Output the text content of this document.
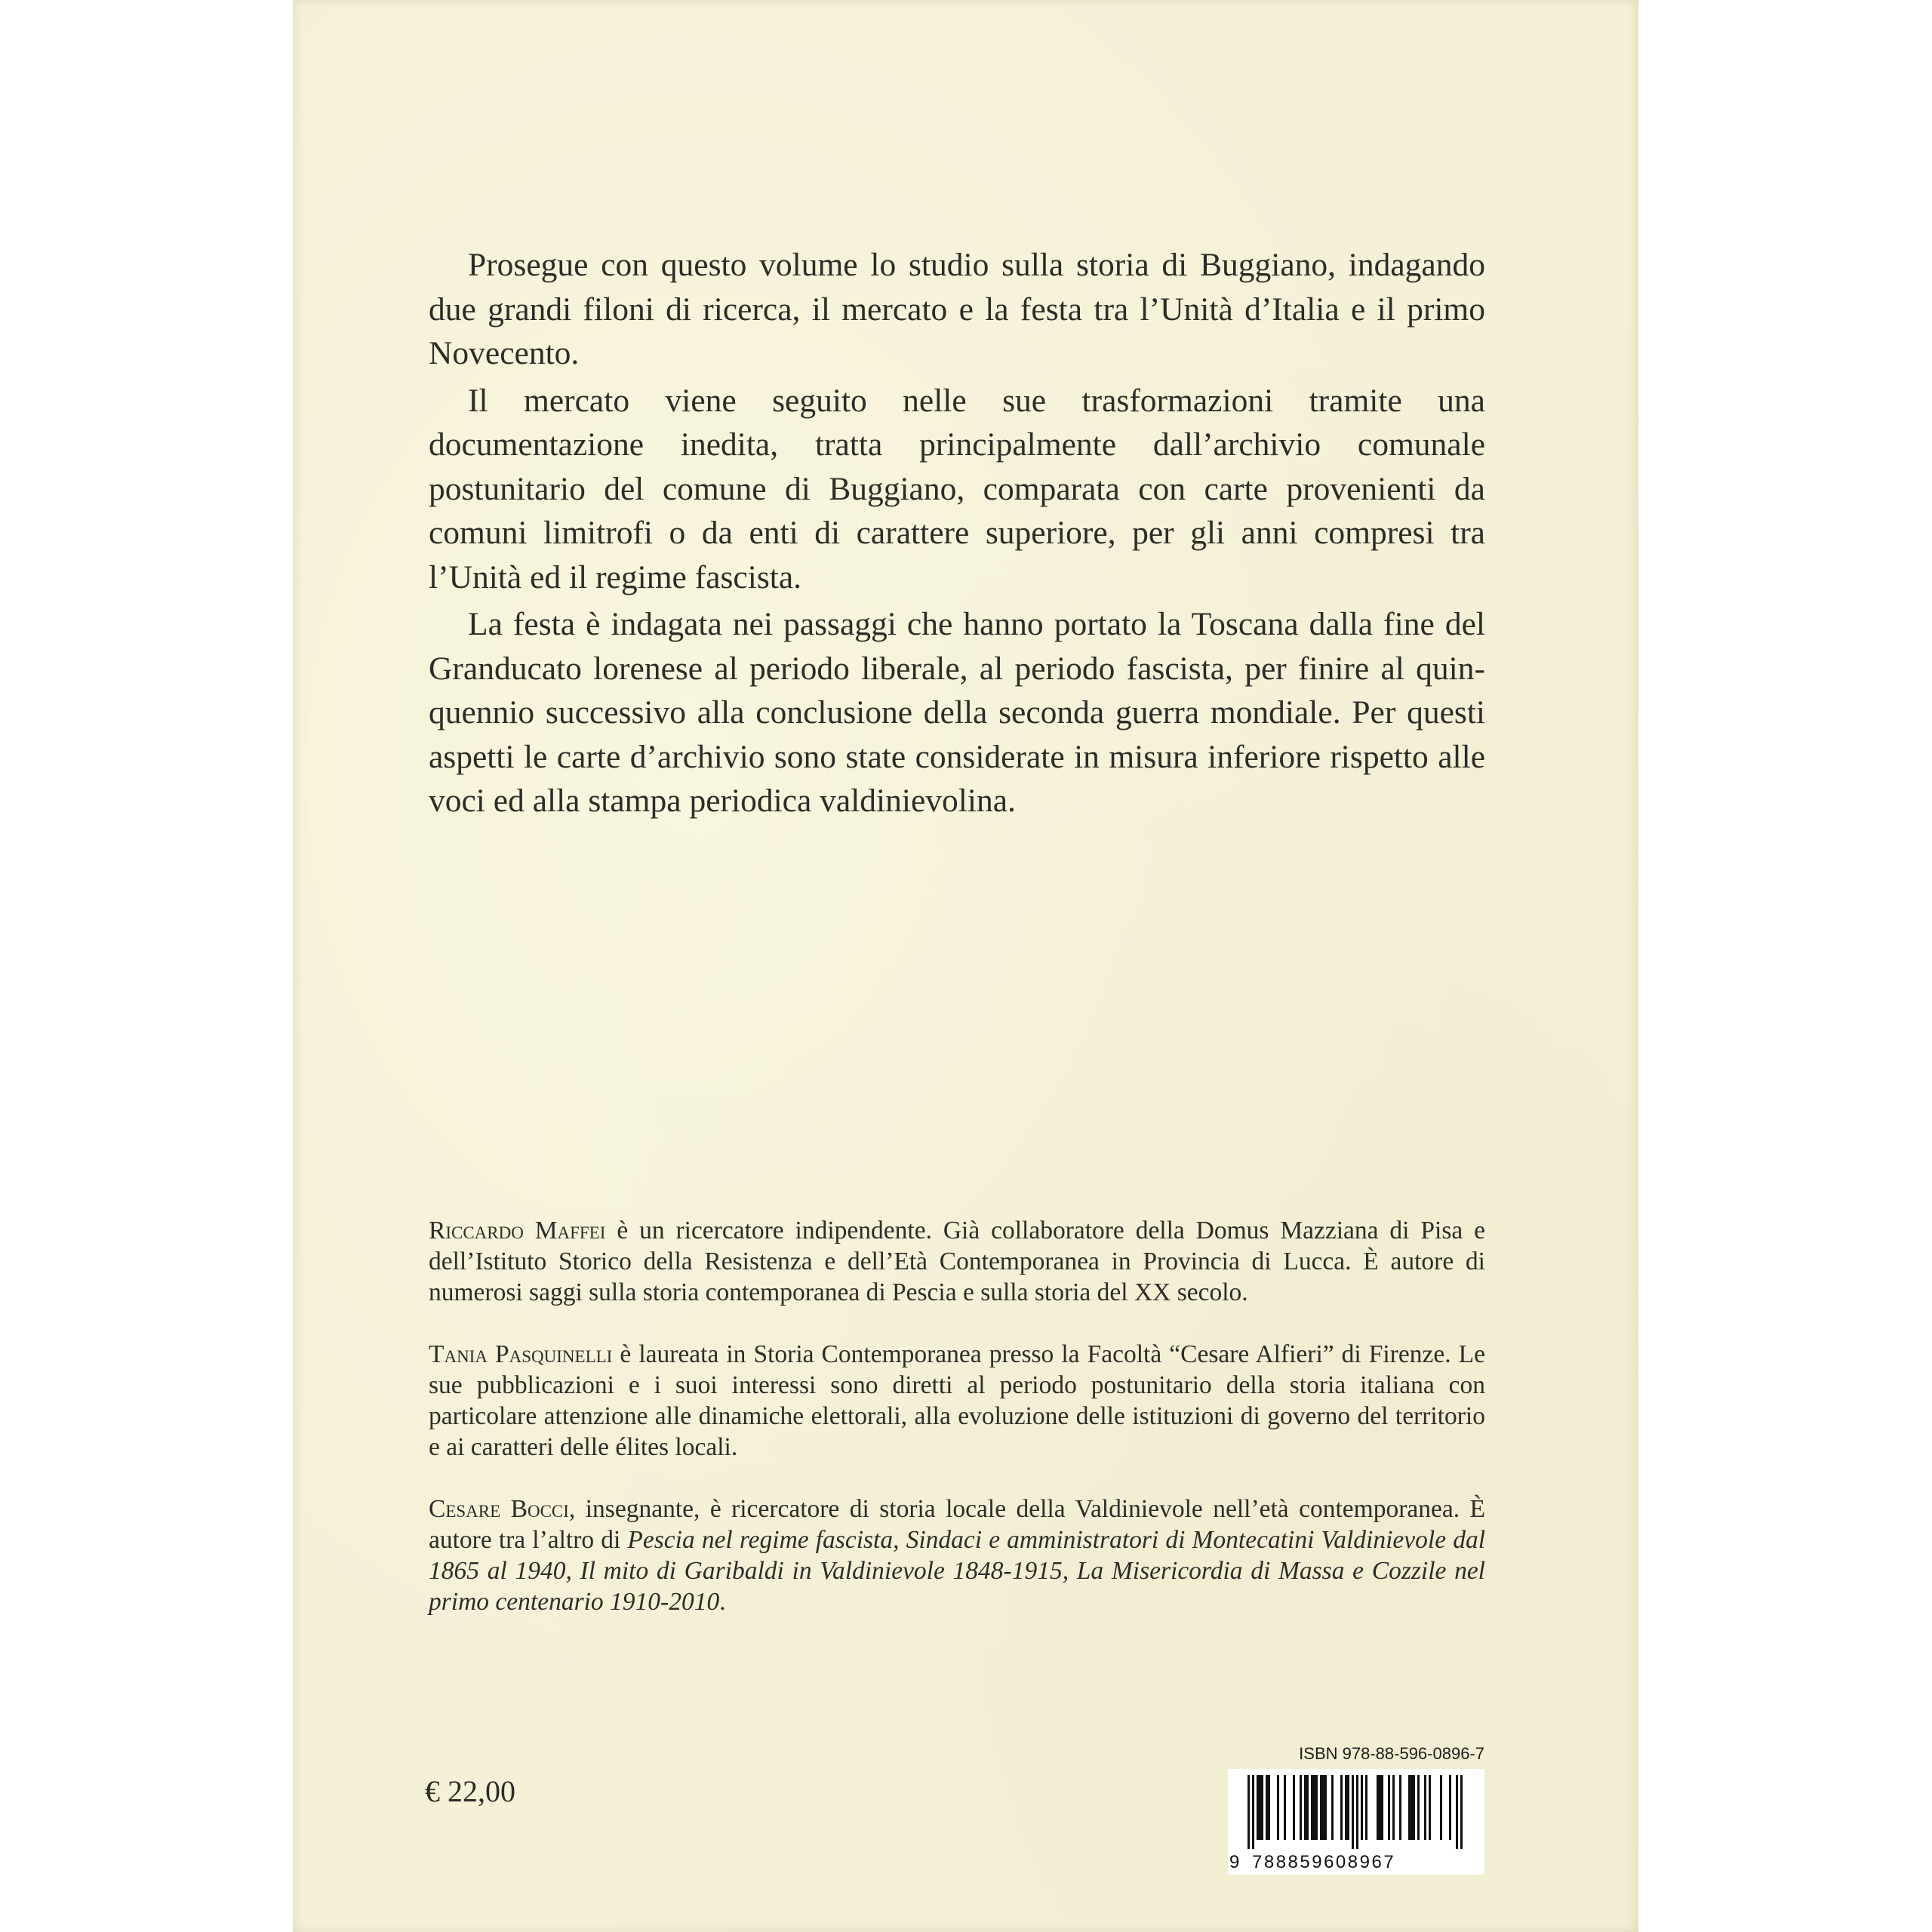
Prosegue con questo volume lo studio sulla storia di Buggiano, indagando due grandi filoni di ricerca, il mercato e la festa tra l’Unità d’Italia e il primo Novecento.

Il mercato viene seguito nelle sue trasformazioni tramite una documentazione inedita, tratta principalmente dall’archivio comunale postunitario del comune di Buggiano, comparata con carte provenienti da comuni limitrofi o da enti di carattere superiore, per gli anni compresi tra l’Unità ed il regime fascista.

La festa è indagata nei passaggi che hanno portato la Toscana dalla fine del Granducato lorenese al periodo liberale, al periodo fascista, per finire al quinquennio successivo alla conclusione della seconda guerra mondiale. Per questi aspetti le carte d’archivio sono state considerate in misura inferiore rispetto alle voci ed alla stampa periodica valdinievolina.

Riccardo Maffei è un ricercatore indipendente. Già collaboratore della Domus Mazziana di Pisa e dell’Istituto Storico della Resistenza e dell’Età Contemporanea in Provincia di Lucca. È autore di numerosi saggi sulla storia contemporanea di Pescia e sulla storia del XX secolo.
Tania Pasquinelli è laureata in Storia Contemporanea presso la Facoltà “Cesare Alfieri” di Firenze. Le sue pubblicazioni e i suoi interessi sono diretti al periodo postunitario della storia italiana con particolare attenzione alle dinamiche elettorali, alla evoluzione delle istituzioni di governo del territorio e ai caratteri delle élites locali.
Cesare Bocci, insegnante, è ricercatore di storia locale della Valdinievole nell’età contemporanea. È autore tra l’altro di Pescia nel regime fascista, Sindaci e amministratori di Montecatini Valdinievole dal 1865 al 1940, Il mito di Garibaldi in Valdinievole 1848-1915, La Misericordia di Massa e Cozzile nel primo centenario 1910-2010.
€ 22,00
ISBN 978-88-596-0896-7
9 788859608967
